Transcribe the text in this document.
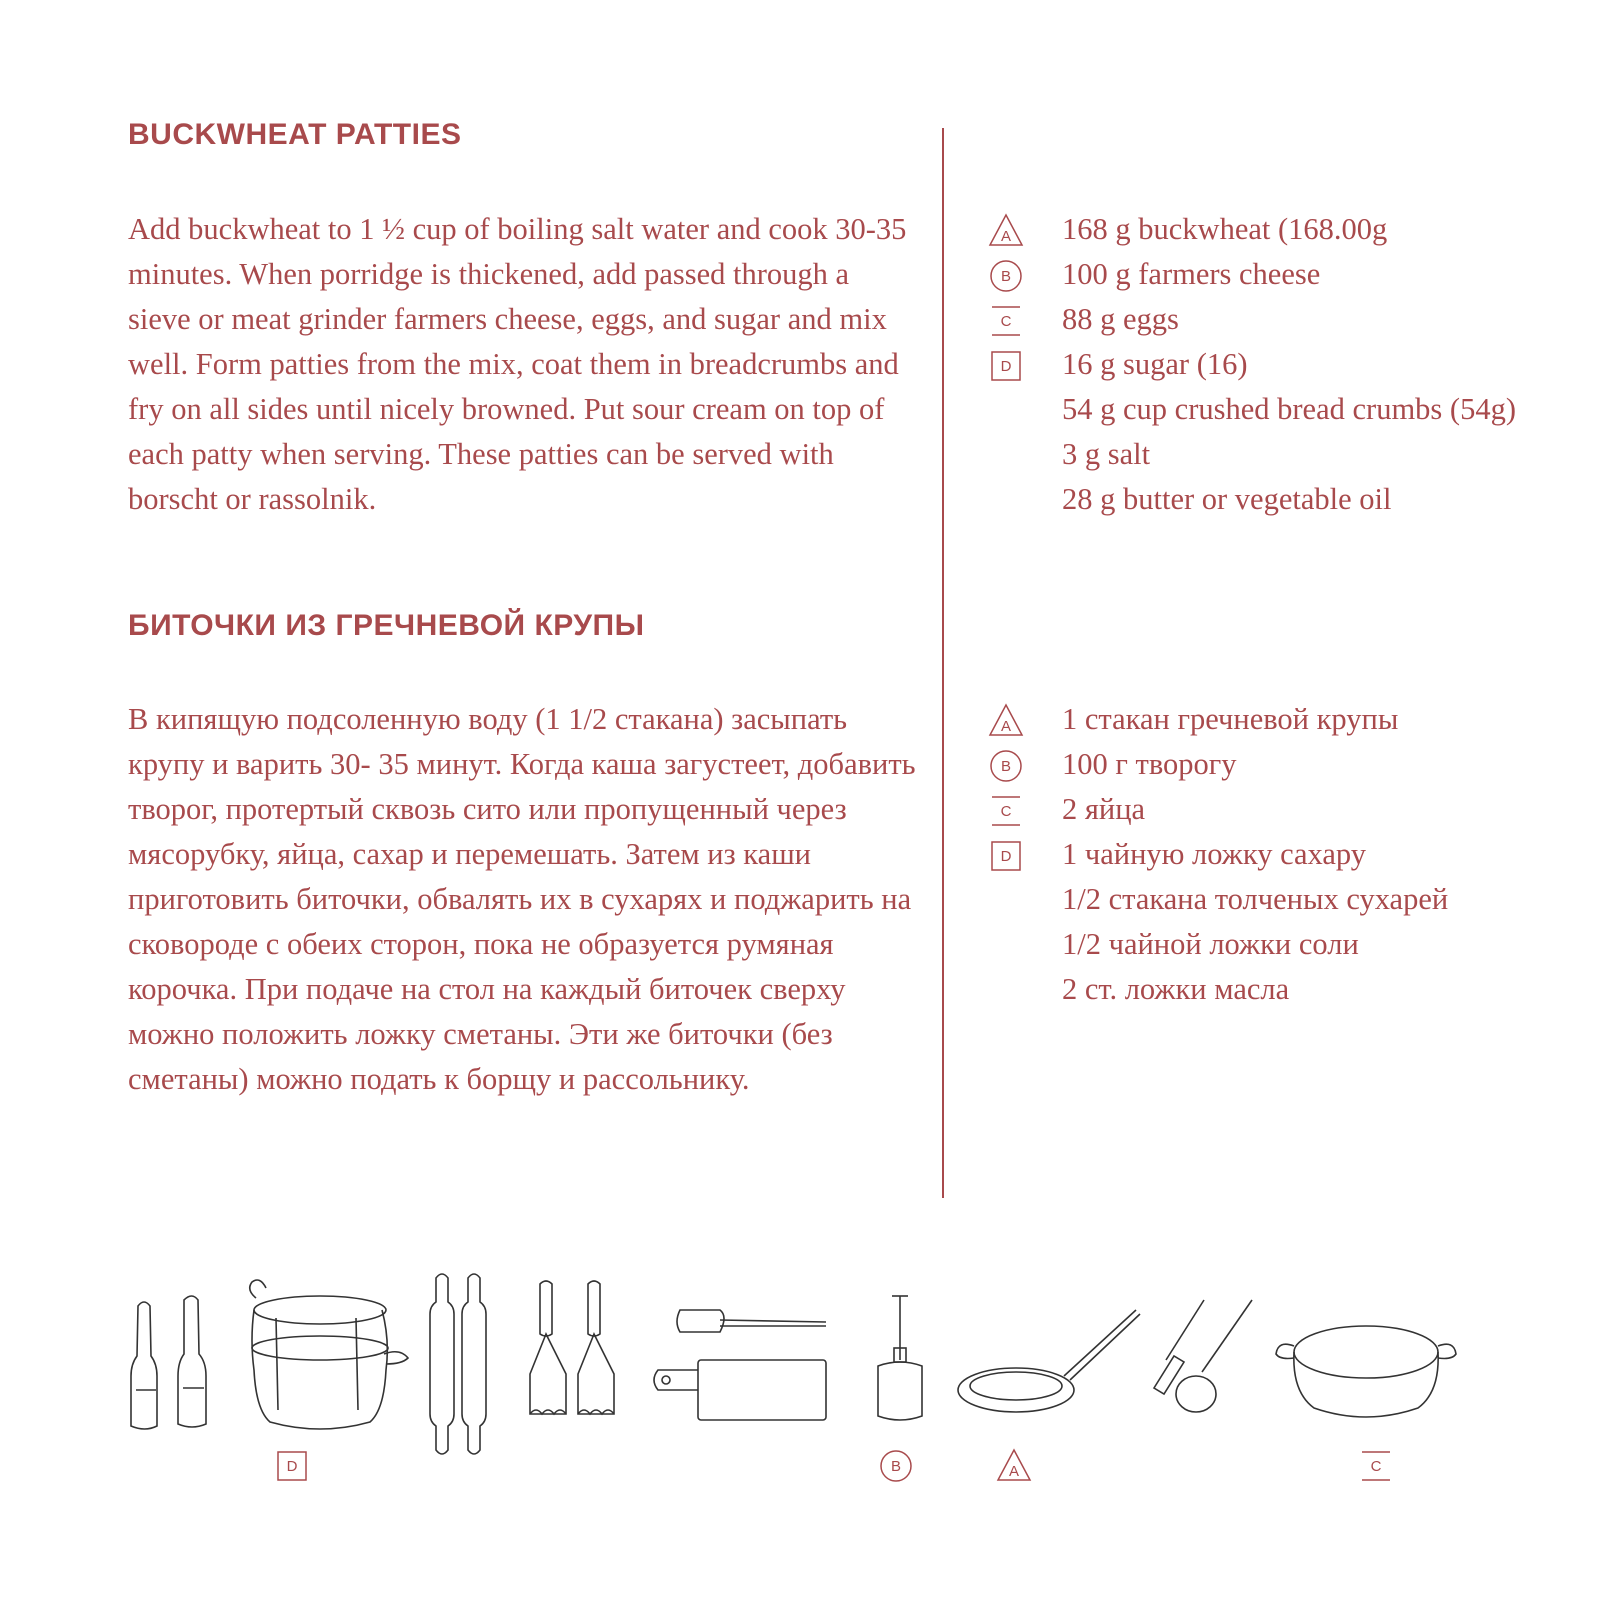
BUCKWHEAT PATTIES

Add buckwheat to 1 ½ cup of boiling salt water and cook 30-35 minutes. When porridge is thickened, add passed through a sieve or meat grinder farmers cheese, eggs, and sugar and mix well. Form patties from the mix, coat them in breadcrumbs and fry on all sides until nicely browned. Put sour cream on top of each patty when serving. These patties can be served with borscht or rassolnik.

БИТОЧКИ ИЗ ГРЕЧНЕВОЙ КРУПЫ

В кипящую подсоленную воду (1 1/2 стакана) засыпать крупу и варить 30- 35 минут. Когда каша загустеет, добавить творог, протертый сквозь сито или пропущенный через мясорубку, яйца, сахар и перемешать. Затем из каши приготовить биточки, обвалять их в сухарях и поджарить на сковороде с обеих сторон, пока не образуется румяная корочка. При подаче на стол на каждый биточек сверху можно положить ложку сметаны. Эти же биточки (без сметаны) можно подать к борщу и рассольнику.

A 168 g buckwheat (168.00g
B 100 g farmers cheese
C 88 g eggs
D 16 g sugar (16)
54 g cup crushed bread crumbs (54g)
3 g salt
28 g butter or vegetable oil
A 1 стакан гречневой крупы
B 100 г творогу
C 2 яйца
D 1 чайную ложку сахару
1/2 стакана толченых сухарей
1/2 чайной ложки соли
2 ст. ложки масла
D	B	A	C
